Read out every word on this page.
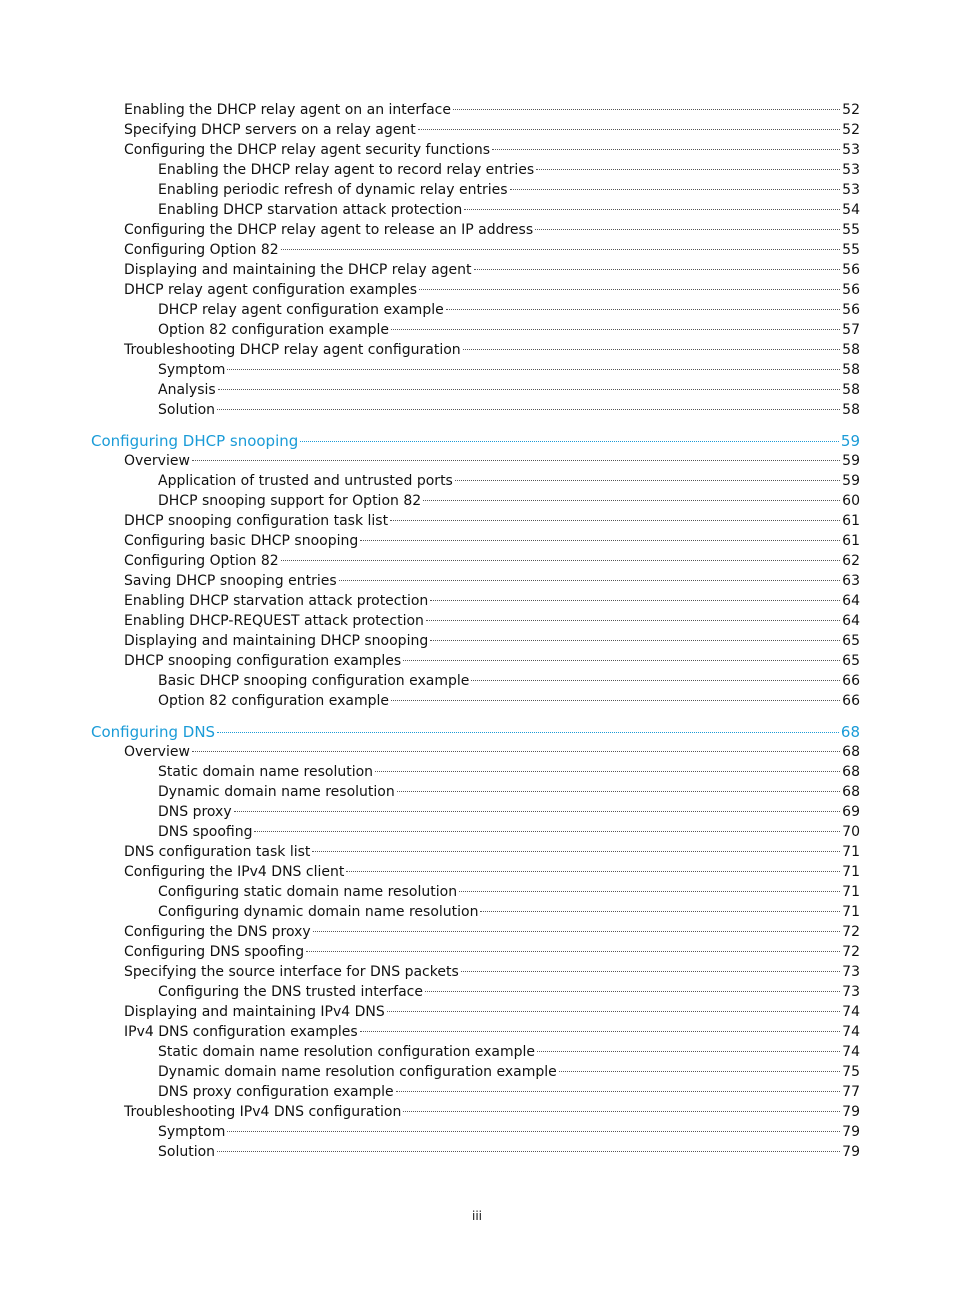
Enabling the DHCP relay agent on an interface	52
Specifying DHCP servers on a relay agent	52
Configuring the DHCP relay agent security functions	53
Enabling the DHCP relay agent to record relay entries	53
Enabling periodic refresh of dynamic relay entries	53
Enabling DHCP starvation attack protection	54
Configuring the DHCP relay agent to release an IP address	55
Configuring Option 82	55
Displaying and maintaining the DHCP relay agent	56
DHCP relay agent configuration examples	56
DHCP relay agent configuration example	56
Option 82 configuration example	57
Troubleshooting DHCP relay agent configuration	58
Symptom	58
Analysis	58
Solution	58
Configuring DHCP snooping	59
Overview	59
Application of trusted and untrusted ports	59
DHCP snooping support for Option 82	60
DHCP snooping configuration task list	61
Configuring basic DHCP snooping	61
Configuring Option 82	62
Saving DHCP snooping entries	63
Enabling DHCP starvation attack protection	64
Enabling DHCP-REQUEST attack protection	64
Displaying and maintaining DHCP snooping	65
DHCP snooping configuration examples	65
Basic DHCP snooping configuration example	66
Option 82 configuration example	66
Configuring DNS	68
Overview	68
Static domain name resolution	68
Dynamic domain name resolution	68
DNS proxy	69
DNS spoofing	70
DNS configuration task list	71
Configuring the IPv4 DNS client	71
Configuring static domain name resolution	71
Configuring dynamic domain name resolution	71
Configuring the DNS proxy	72
Configuring DNS spoofing	72
Specifying the source interface for DNS packets	73
Configuring the DNS trusted interface	73
Displaying and maintaining IPv4 DNS	74
IPv4 DNS configuration examples	74
Static domain name resolution configuration example	74
Dynamic domain name resolution configuration example	75
DNS proxy configuration example	77
Troubleshooting IPv4 DNS configuration	79
Symptom	79
Solution	79
iii
